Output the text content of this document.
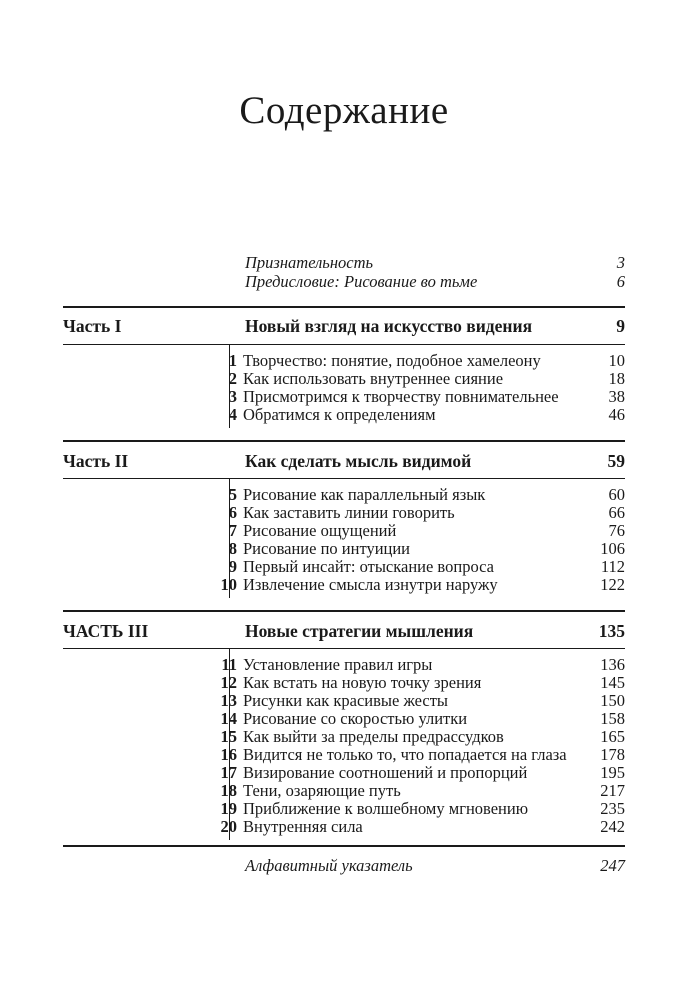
Содержание
Признательность	3
Предисловие: Рисование во тьме	6
Часть I	Новый взгляд на искусство видения	9
1 Творчество: понятие, подобное хамелеону	10
2 Как использовать внутреннее сияние	18
3 Присмотримся к творчеству повнимательнее	38
4 Обратимся к определениям	46
Часть II	Как сделать мысль видимой	59
5 Рисование как параллельный язык	60
6 Как заставить линии говорить	66
7 Рисование ощущений	76
8 Рисование по интуиции	106
9 Первый инсайт: отыскание вопроса	112
10 Извлечение смысла изнутри наружу	122
ЧАСТЬ III	Новые стратегии мышления	135
11 Установление правил игры	136
12 Как встать на новую точку зрения	145
13 Рисунки как красивые жесты	150
14 Рисование со скоростью улитки	158
15 Как выйти за пределы предрассудков	165
16 Видится не только то, что попадается на глаза 178
17 Визирование соотношений и пропорций	195
18 Тени, озаряющие путь	217
19 Приближение к волшебному мгновению	235
20 Внутренняя сила	242
Алфавитный указатель	247
